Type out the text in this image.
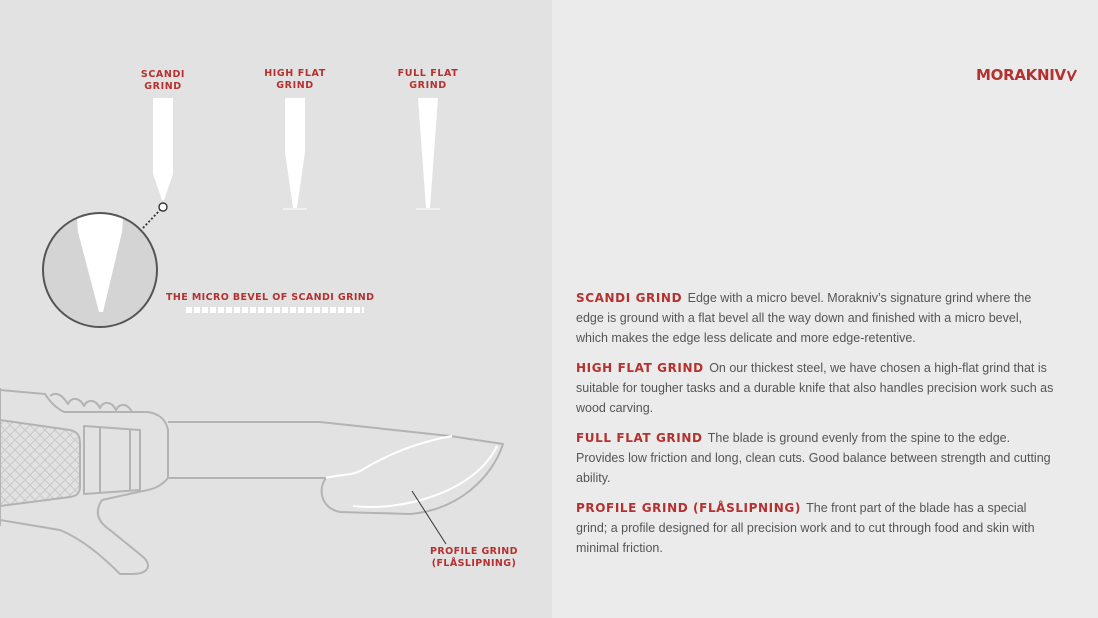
SCANDI
GRIND
HIGH FLAT
GRIND
FULL FLAT
GRIND
THE MICRO BEVEL OF SCANDI GRIND
PROFILE GRIND
(FLÅSLIPNING)
MORAKNIV

SCANDI GRIND Edge with a micro bevel. Morakniv’s signature grind where the edge is ground with a flat bevel all the way down and finished with a micro bevel, which makes the edge less delicate and more edge-retentive.

HIGH FLAT GRIND On our thickest steel, we have chosen a high-flat grind that is suitable for tougher tasks and a durable knife that also handles precision work such as wood carving.

FULL FLAT GRIND The blade is ground evenly from the spine to the edge. Provides low friction and long, clean cuts. Good balance between strength and cutting ability.

PROFILE GRIND (FLÅSLIPNING) The front part of the blade has a special grind; a profile designed for all precision work and to cut through food and skin with minimal friction.
